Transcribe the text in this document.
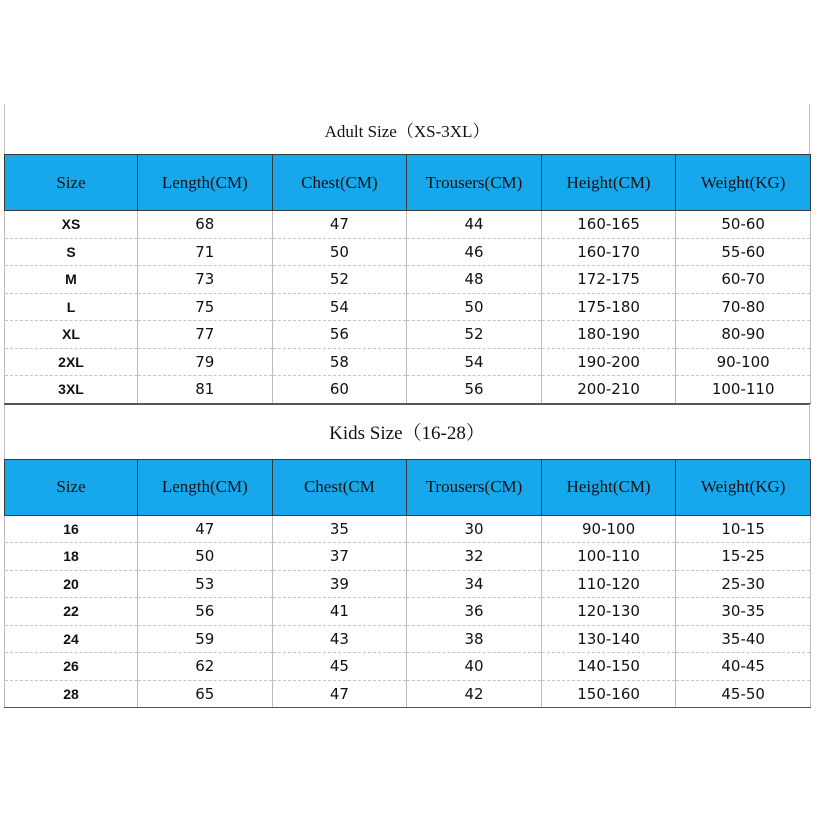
Adult Size（XS-3XL）
Size	Length(CM)	Chest(CM)	Trousers(CM)	Height(CM)	Weight(KG)
XS	68	47	44	160-165	50-60
S	71	50	46	160-170	55-60
M	73	52	48	172-175	60-70
L	75	54	50	175-180	70-80
XL	77	56	52	180-190	80-90
2XL	79	58	54	190-200	90-100
3XL	81	60	56	200-210	100-110
Kids Size（16-28）
Size	Length(CM)	Chest(CM	Trousers(CM)	Height(CM)	Weight(KG)
16	47	35	30	90-100	10-15
18	50	37	32	100-110	15-25
20	53	39	34	110-120	25-30
22	56	41	36	120-130	30-35
24	59	43	38	130-140	35-40
26	62	45	40	140-150	40-45
28	65	47	42	150-160	45-50
